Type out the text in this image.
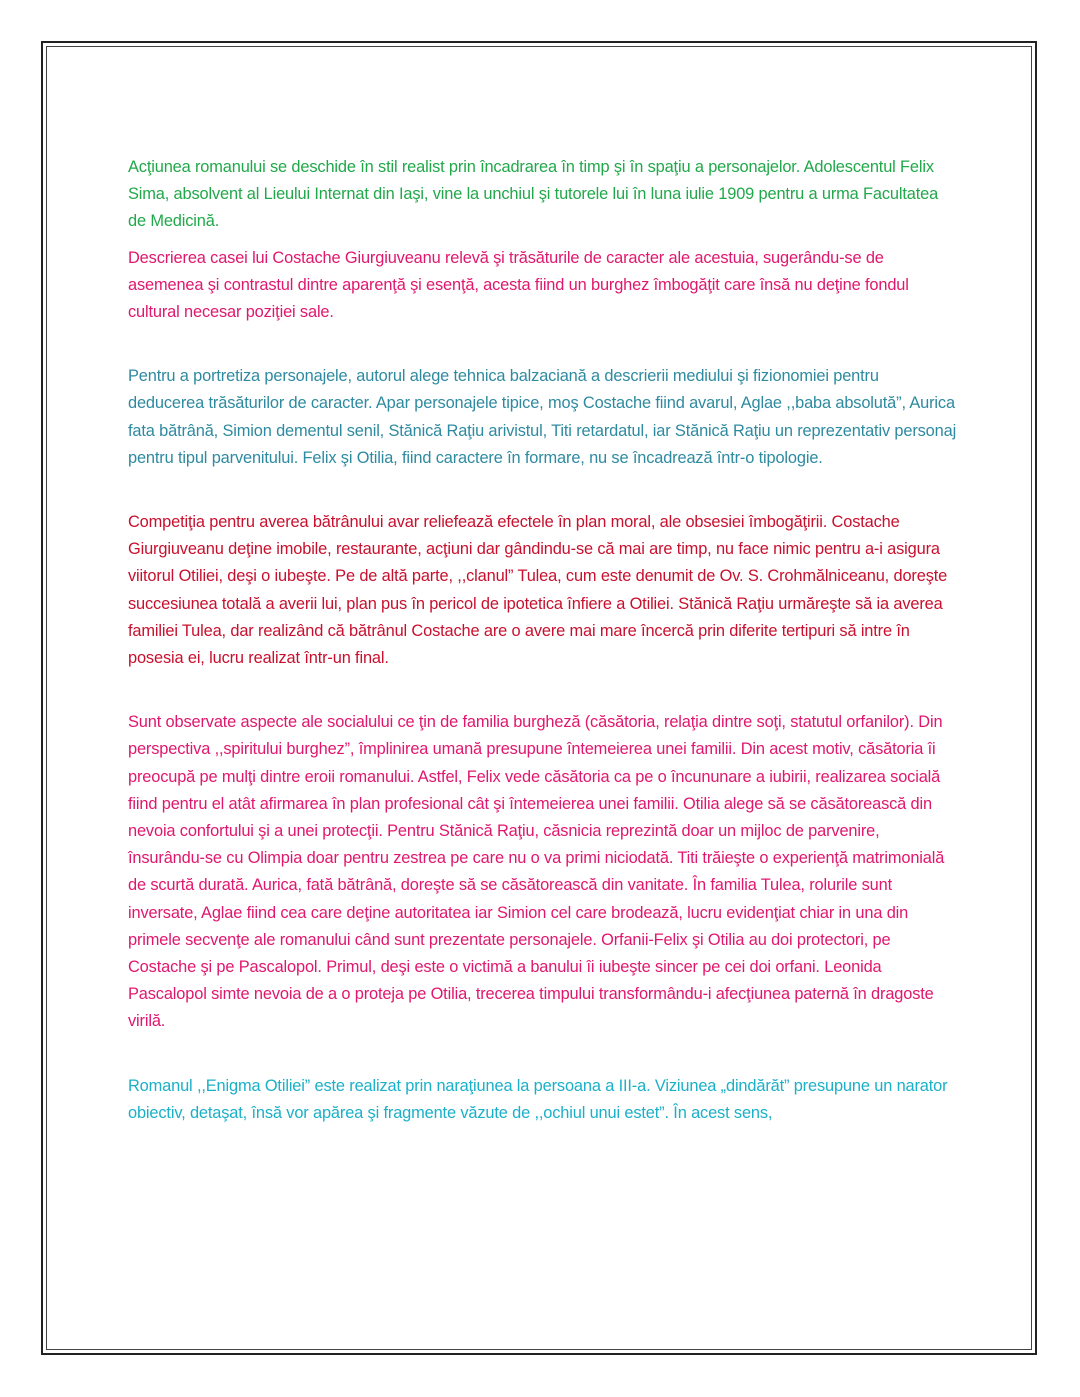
Acţiunea romanului se deschide în stil realist prin încadrarea în timp şi în spaţiu a personajelor. Adolescentul Felix Sima, absolvent al Lieului Internat din Iaşi, vine la unchiul şi tutorele lui în luna iulie 1909 pentru a urma Facultatea de Medicină.

Descrierea casei lui Costache Giurgiuveanu relevă şi trăsăturile de caracter ale acestuia, sugerându-se de asemenea şi contrastul dintre aparenţă şi esenţă, acesta fiind un burghez îmbogăţit care însă nu deţine fondul cultural necesar poziţiei sale.

Pentru a portretiza personajele, autorul alege tehnica balzaciană a descrierii mediului şi fizionomiei pentru deducerea trăsăturilor de caracter. Apar personajele tipice, moş Costache fiind avarul, Aglae ,,baba absolută”, Aurica fata bătrână, Simion dementul senil, Stănică Raţiu arivistul, Titi retardatul, iar Stănică Raţiu un reprezentativ personaj pentru tipul parvenitului. Felix şi Otilia, fiind caractere în formare, nu se încadrează într-o tipologie.

Competiţia pentru averea bătrânului avar reliefează efectele în plan moral, ale obsesiei îmbogăţirii. Costache Giurgiuveanu deţine imobile, restaurante, acţiuni dar gândindu-se că mai are timp, nu face nimic pentru a-i asigura viitorul Otiliei, deşi o iubeşte. Pe de altă parte, ,,clanul” Tulea, cum este denumit de Ov. S. Crohmălniceanu, doreşte succesiunea totală a averii lui, plan pus în pericol de ipotetica înfiere a Otiliei. Stănică Raţiu urmăreşte să ia averea familiei Tulea, dar realizând că bătrânul Costache are o avere mai mare încercă prin diferite tertipuri să intre în posesia ei, lucru realizat într-un final.

Sunt observate aspecte ale socialului ce ţin de familia burgheză (căsătoria, relaţia dintre soţi, statutul orfanilor). Din perspectiva ,,spiritului burghez”, împlinirea umană presupune întemeierea unei familii. Din acest motiv, căsătoria îi preocupă pe mulţi dintre eroii romanului. Astfel, Felix vede căsătoria ca pe o încununare a iubirii, realizarea socială fiind pentru el atât afirmarea în plan profesional cât şi întemeierea unei familii. Otilia alege să se căsătorească din nevoia confortului şi a unei protecţii. Pentru Stănică Raţiu, căsnicia reprezintă doar un mijloc de parvenire, însurându-se cu Olimpia doar pentru zestrea pe care nu o va primi niciodată. Titi trăieşte o experienţă matrimonială de scurtă durată. Aurica, fată bătrână, doreşte să se căsătorească din vanitate. În familia Tulea, rolurile sunt inversate, Aglae fiind cea care deţine autoritatea iar Simion cel care brodează, lucru evidenţiat chiar in una din primele secvenţe ale romanului când sunt prezentate personajele. Orfanii-Felix şi Otilia au doi protectori, pe Costache şi pe Pascalopol. Primul, deşi este o victimă a banului îi iubeşte sincer pe cei doi orfani. Leonida Pascalopol simte nevoia de a o proteja pe Otilia, trecerea timpului transformându-i afecţiunea paternă în dragoste virilă.

Romanul ,,Enigma Otiliei” este realizat prin naraţiunea la persoana a III-a. Viziunea „dindărăt” presupune un narator obiectiv, detaşat, însă vor apărea şi fragmente văzute de ,,ochiul unui estet”. În acest sens,
